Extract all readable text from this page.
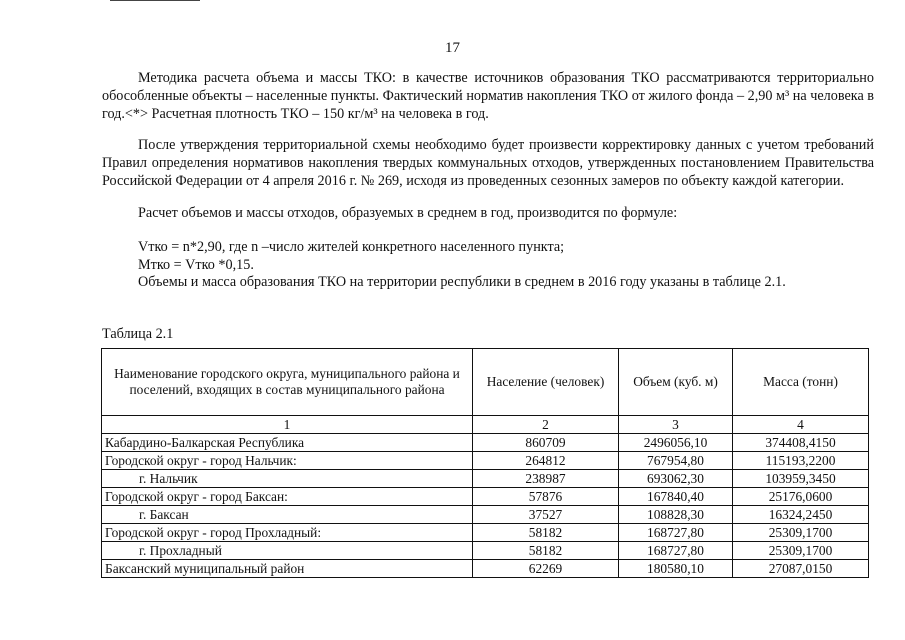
17

Методика расчета объема и массы ТКО: в качестве источников образования ТКО рассматриваются территориально обособленные объекты – населенные пункты. Фактический норматив накопления ТКО от жилого фонда – 2,90 м³ на человека в год.<*> Расчетная плотность ТКО – 150 кг/м³ на человека в год.

После утверждения территориальной схемы необходимо будет произвести корректировку данных с учетом требований Правил определения нормативов накопления твердых коммунальных отходов, утвержденных постановлением Правительства Российской Федерации от 4 апреля 2016 г. № 269, исходя из проведенных сезонных замеров по объекту каждой категории.

Расчет объемов и массы отходов, образуемых в среднем в год, производится по формуле:

Vтко = n*2,90, где n –число жителей конкретного населенного пункта;
Мтко = Vтко *0,15.
Объемы и масса образования ТКО на территории республики в среднем в 2016 году указаны в таблице 2.1.
Таблица 2.1
Наименование городского округа, муниципального района и поселений, входящих в состав муниципального района	Население (человек)	Объем (куб. м)	Масса (тонн)
1	2	3	4
Кабардино-Балкарская Республика	860709	2496056,10	374408,4150
Городской округ - город Нальчик:	264812	767954,80	115193,2200
г. Нальчик	238987	693062,30	103959,3450
Городской округ - город Баксан:	57876	167840,40	25176,0600
г. Баксан	37527	108828,30	16324,2450
Городской округ - город Прохладный:	58182	168727,80	25309,1700
г. Прохладный	58182	168727,80	25309,1700
Баксанский муниципальный район	62269	180580,10	27087,0150
